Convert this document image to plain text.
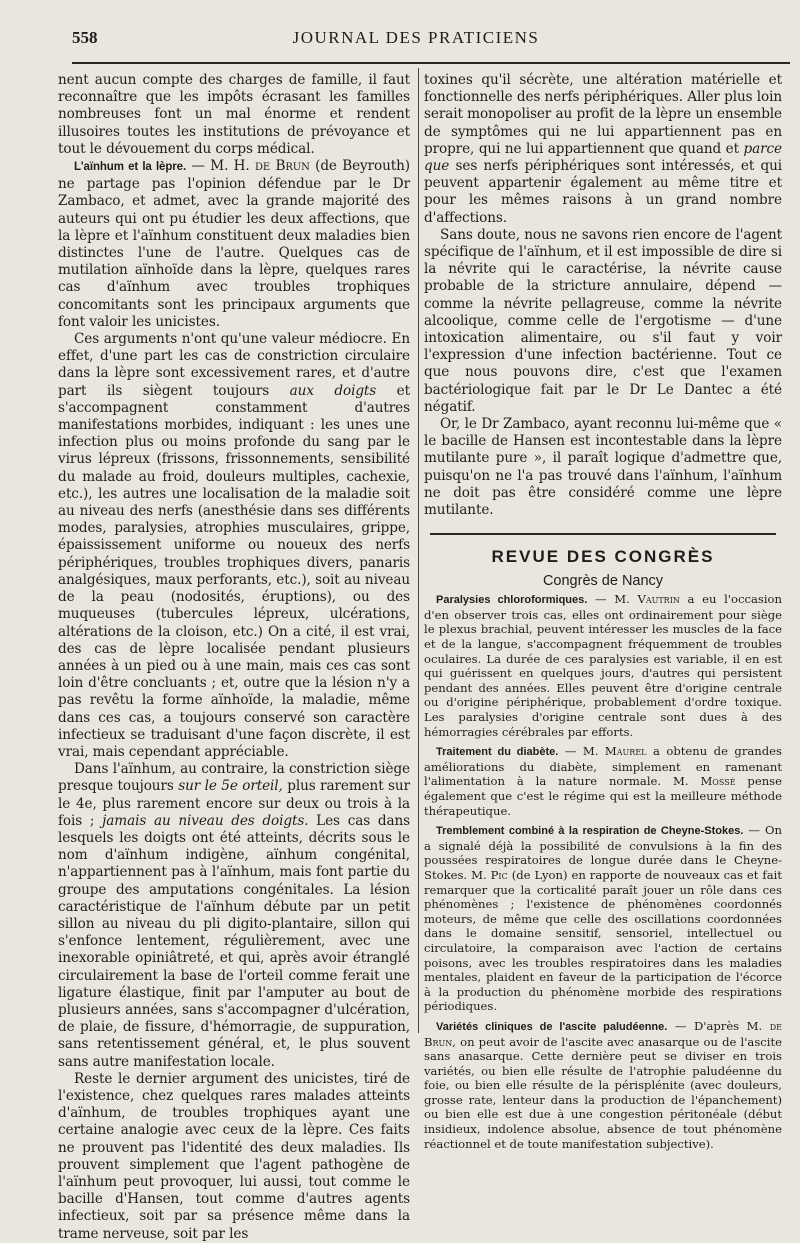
558	JOURNAL DES PRATICIENS

nent aucun compte des charges de famille, il faut reconnaître que les impôts écrasant les familles nombreuses font un mal énorme et rendent illusoires toutes les institutions de prévoyance et tout le dévouement du corps médical.

L'aïnhum et la lèpre. — M. H. de Brun (de Beyrouth) ne partage pas l'opinion défendue par le Dr Zambaco, et admet, avec la grande majorité des auteurs qui ont pu étudier les deux affections, que la lèpre et l'aïnhum constituent deux maladies bien distinctes l'une de l'autre. Quelques cas de mutilation aïnhoïde dans la lèpre, quelques rares cas d'aïnhum avec troubles trophiques concomitants sont les principaux arguments que font valoir les unicistes.

Ces arguments n'ont qu'une valeur médiocre. En effet, d'une part les cas de constriction circulaire dans la lèpre sont excessivement rares, et d'autre part ils siègent toujours aux doigts et s'accompagnent constamment d'autres manifestations morbides, indiquant : les unes une infection plus ou moins profonde du sang par le virus lépreux (frissons, frissonnements, sensibilité du malade au froid, douleurs multiples, cachexie, etc.), les autres une localisation de la maladie soit au niveau des nerfs (anesthésie dans ses différents modes, paralysies, atrophies musculaires, grippe, épaississement uniforme ou noueux des nerfs périphériques, troubles trophiques divers, panaris analgésiques, maux perforants, etc.), soit au niveau de la peau (nodosités, éruptions), ou des muqueuses (tubercules lépreux, ulcérations, altérations de la cloison, etc.) On a cité, il est vrai, des cas de lèpre localisée pendant plusieurs années à un pied ou à une main, mais ces cas sont loin d'être concluants ; et, outre que la lésion n'y a pas revêtu la forme aïnhoïde, la maladie, même dans ces cas, a toujours conservé son caractère infectieux se traduisant d'une façon discrète, il est vrai, mais cependant appréciable.

Dans l'aïnhum, au contraire, la constriction siège presque toujours sur le 5e orteil, plus rarement sur le 4e, plus rarement encore sur deux ou trois à la fois ; jamais au niveau des doigts. Les cas dans lesquels les doigts ont été atteints, décrits sous le nom d'aïnhum indigène, aïnhum congénital, n'appartiennent pas à l'aïnhum, mais font partie du groupe des amputations congénitales. La lésion caractéristique de l'aïnhum débute par un petit sillon au niveau du pli digito-plantaire, sillon qui s'enfonce lentement, régulièrement, avec une inexorable opiniâtreté, et qui, après avoir étranglé circulairement la base de l'orteil comme ferait une ligature élastique, finit par l'amputer au bout de plusieurs années, sans s'accompagner d'ulcération, de plaie, de fissure, d'hémorragie, de suppuration, sans retentissement général, et, le plus souvent sans autre manifestation locale.

Reste le dernier argument des unicistes, tiré de l'existence, chez quelques rares malades atteints d'aïnhum, de troubles trophiques ayant une certaine analogie avec ceux de la lèpre. Ces faits ne prouvent pas l'identité des deux maladies. Ils prouvent simplement que l'agent pathogène de l'aïnhum peut provoquer, lui aussi, tout comme le bacille d'Hansen, tout comme d'autres agents infectieux, soit par sa présence même dans la trame nerveuse, soit par les

toxines qu'il sécrète, une altération matérielle et fonctionnelle des nerfs périphériques. Aller plus loin serait monopoliser au profit de la lèpre un ensemble de symptômes qui ne lui appartiennent pas en propre, qui ne lui appartiennent que quand et parce que ses nerfs périphériques sont intéressés, et qui peuvent appartenir également au même titre et pour les mêmes raisons à un grand nombre d'affections.

Sans doute, nous ne savons rien encore de l'agent spécifique de l'aïnhum, et il est impossible de dire si la névrite qui le caractérise, la névrite cause probable de la stricture annulaire, dépend — comme la névrite pellagreuse, comme la névrite alcoolique, comme celle de l'ergotisme — d'une intoxication alimentaire, ou s'il faut y voir l'expression d'une infection bactérienne. Tout ce que nous pouvons dire, c'est que l'examen bactériologique fait par le Dr Le Dantec a été négatif.

Or, le Dr Zambaco, ayant reconnu lui-même que « le bacille de Hansen est incontestable dans la lèpre mutilante pure », il paraît logique d'admettre que, puisqu'on ne l'a pas trouvé dans l'aïnhum, l'aïnhum ne doit pas être considéré comme une lèpre mutilante.

REVUE DES CONGRÈS
Congrès de Nancy

Paralysies chloroformiques. — M. Vautrin a eu l'occasion d'en observer trois cas, elles ont ordinairement pour siège le plexus brachial, peuvent intéresser les muscles de la face et de la langue, s'accompagnent fréquemment de troubles oculaires. La durée de ces paralysies est variable, il en est qui guérissent en quelques jours, d'autres qui persistent pendant des années. Elles peuvent être d'origine centrale ou d'origine périphérique, probablement d'ordre toxique. Les paralysies d'origine centrale sont dues à des hémorragies cérébrales par efforts.

Traitement du diabète. — M. Maurel a obtenu de grandes améliorations du diabète, simplement en ramenant l'alimentation à la nature normale. M. Mossé pense également que c'est le régime qui est la meilleure méthode thérapeutique.

Tremblement combiné à la respiration de Cheyne-Stokes. — On a signalé déjà la possibilité de convulsions à la fin des poussées respiratoires de longue durée dans le Cheyne-Stokes. M. Pic (de Lyon) en rapporte de nouveaux cas et fait remarquer que la corticalité paraît jouer un rôle dans ces phénomènes ; l'existence de phénomènes coordonnés moteurs, de même que celle des oscillations coordonnées dans le domaine sensitif, sensoriel, intellectuel ou circulatoire, la comparaison avec l'action de certains poisons, avec les troubles respiratoires dans les maladies mentales, plaident en faveur de la participation de l'écorce à la production du phénomène morbide des respirations périodiques.

Variétés cliniques de l'ascite paludéenne. — D'après M. de Brun, on peut avoir de l'ascite avec anasarque ou de l'ascite sans anasarque. Cette dernière peut se diviser en trois variétés, ou bien elle résulte de l'atrophie paludéenne du foie, ou bien elle résulte de la périsplénite (avec douleurs, grosse rate, lenteur dans la production de l'épanchement) ou bien elle est due à une congestion péritonéale (début insidieux, indolence absolue, absence de tout phénomène réactionnel et de toute manifestation subjective).
